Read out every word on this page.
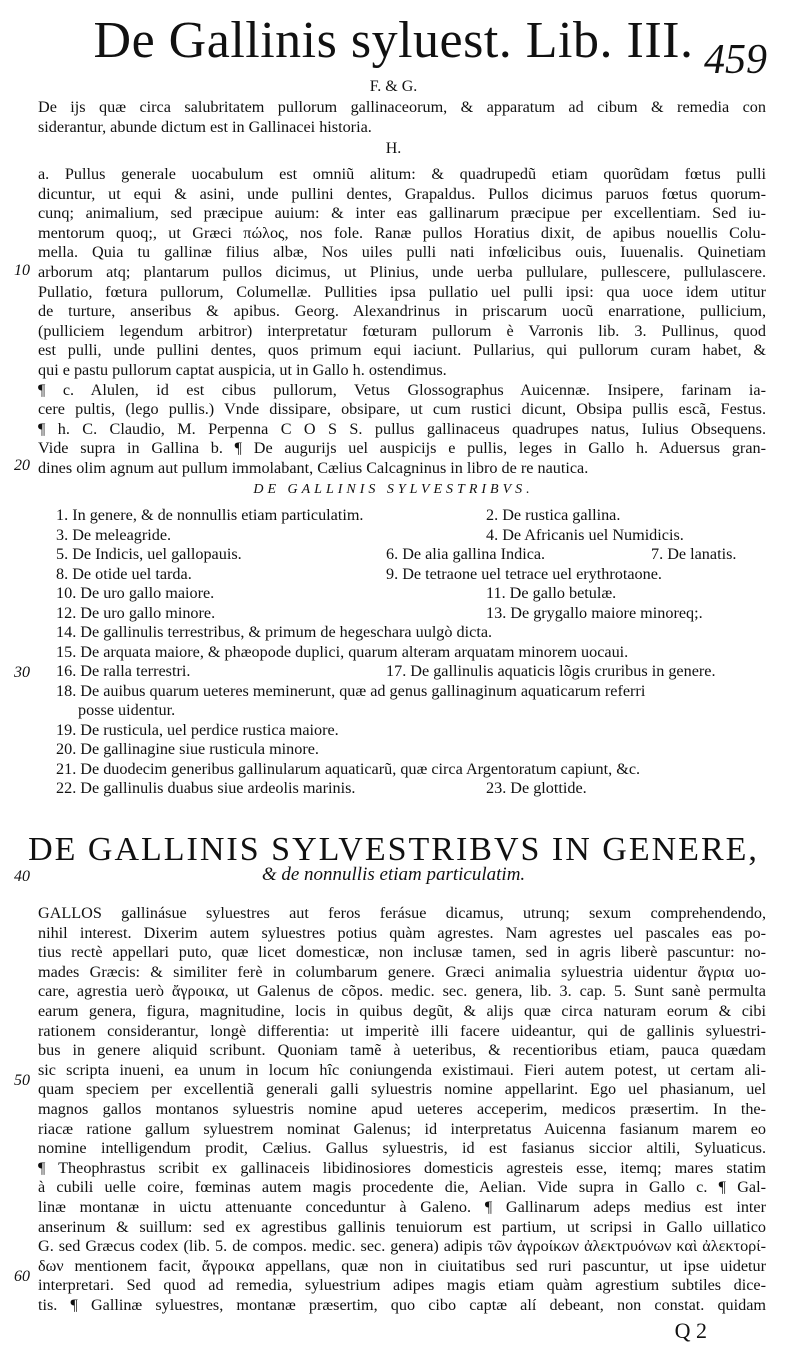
De Gallinis syluest. Lib. III. 459
F. & G.
De ijs quæ circa salubritatem pullorum gallinaceorum, & apparatum ad cibum & remedia con
siderantur, abunde dictum est in Gallinacei historia.
H.
a. Pullus generale uocabulum est omniũ alitum: & quadrupedũ etiam quorũdam fœtus pulli
dicuntur, ut equi & asini, unde pullini dentes, Grapaldus. Pullos dicimus paruos fœtus quorum-
cunq; animalium, sed præcipue auium: & inter eas gallinarum præcipue per excellentiam. Sed iu-
mentorum quoq;, ut Græci πώλος, nos fole. Ranæ pullos Horatius dixit, de apibus nouellis Colu-
mella. Quia tu gallinæ filius albæ, Nos uiles pulli nati infœlicibus ouis, Iuuenalis. Quinetiam
arborum atq; plantarum pullos dicimus, ut Plinius, unde uerba pullulare, pullescere, pullulascere.
Pullatio, fœtura pullorum, Columellæ. Pullities ipsa pullatio uel pulli ipsi: qua uoce idem utitur
de turture, anseribus & apibus. Georg. Alexandrinus in priscarum uocũ enarratione, pullicium,
(pulliciem legendum arbitror) interpretatur fœturam pullorum è Varronis lib. 3. Pullinus, quod
est pulli, unde pullini dentes, quos primum equi iaciunt. Pullarius, qui pullorum curam habet, &
qui e pastu pullorum captat auspicia, ut in Gallo h. ostendimus.
¶ c. Alulen, id est cibus pullorum, Vetus Glossographus Auicennæ. Insipere, farinam ia-
cere pultis, (lego pullis.) Vnde dissipare, obsipare, ut cum rustici dicunt, Obsipa pullis escã, Festus.
¶ h. C. Claudio, M. Perpenna C O S S. pullus gallinaceus quadrupes natus, Iulius Obsequens.
Vide supra in Gallina b. ¶ De augurijs uel auspicijs e pullis, leges in Gallo h. Aduersus gran-
dines olim agnum aut pullum immolabant, Cælius Calcagninus in libro de re nautica.
DE GALLINIS SYLVESTRIBVS.
1. In genere, & de nonnullis etiam particulatim.	2. De rustica gallina.
3. De meleagride.	4. De Africanis uel Numidicis.
5. De Indicis, uel gallopauis.	6. De alia gallina Indica.	7. De lanatis.
8. De otide uel tarda.	9. De tetraone uel tetrace uel erythrotaone.
10. De uro gallo maiore.	11. De gallo betulæ.
12. De uro gallo minore.	13. De grygallo maiore minoreq;.
14. De gallinulis terrestribus, & primum de hegeschara uulgò dicta.
15. De arquata maiore, & phæopode duplici, quarum alteram arquatam minorem uocaui.
16. De ralla terrestri.	17. De gallinulis aquaticis lõgis cruribus in genere.
18. De auibus quarum ueteres meminerunt, quæ ad genus gallinaginum aquaticarum referri
posse uidentur.
19. De rusticula, uel perdice rustica maiore.
20. De gallinagine siue rusticula minore.
21. De duodecim generibus gallinularum aquaticarũ, quæ circa Argentoratum capiunt, &c.
22. De gallinulis duabus siue ardeolis marinis.	23. De glottide.
DE GALLINIS SYLVESTRIBVS IN GENERE,
& de nonnullis etiam particulatim.
GALLOS gallinásue syluestres aut feros ferásue dicamus, utrunq; sexum comprehendendo,
nihil interest. Dixerim autem syluestres potius quàm agrestes. Nam agrestes uel pascales eas po-
tius rectè appellari puto, quæ licet domesticæ, non inclusæ tamen, sed in agris liberè pascuntur: no-
mades Græcis: & similiter ferè in columbarum genere. Græci animalia syluestria uidentur ἄγρια uo-
care, agrestia uerò ἄγροικα, ut Galenus de cõpos. medic. sec. genera, lib. 3. cap. 5. Sunt sanè permulta
earum genera, figura, magnitudine, locis in quibus degũt, & alijs quæ circa naturam eorum & cibi
rationem considerantur, longè differentia: ut imperitè illi facere uideantur, qui de gallinis syluestri-
bus in genere aliquid scribunt. Quoniam tamẽ à ueteribus, & recentioribus etiam, pauca quædam
sic scripta inueni, ea unum in locum hîc coniungenda existimaui. Fieri autem potest, ut certam ali-
quam speciem per excellentiã generali galli syluestris nomine appellarint. Ego uel phasianum, uel
magnos gallos montanos syluestris nomine apud ueteres acceperim, medicos præsertim. In the-
riacæ ratione gallum syluestrem nominat Galenus; id interpretatus Auicenna fasianum marem eo
nomine intelligendum prodit, Cælius. Gallus syluestris, id est fasianus siccior altili, Syluaticus.
¶ Theophrastus scribit ex gallinaceis libidinosiores domesticis agresteis esse, itemq; mares statim
à cubili uelle coire, fœminas autem magis procedente die, Aelian. Vide supra in Gallo c. ¶ Gal-
linæ montanæ in uictu attenuante conceduntur à Galeno. ¶ Gallinarum adeps medius est inter
anserinum & suillum: sed ex agrestibus gallinis tenuiorum est partium, ut scripsi in Gallo uillatico
G. sed Græcus codex (lib. 5. de compos. medic. sec. genera) adipis τῶν ἀγροίκων ἀλεκτρυόνων καὶ ἀλεκτορί-
δων mentionem facit, ἄγροικα appellans, quæ non in ciuitatibus sed ruri pascuntur, ut ipse uidetur
interpretari. Sed quod ad remedia, syluestrium adipes magis etiam quàm agrestium subtiles dice-
tis. ¶ Gallinæ syluestres, montanæ præsertim, quo cibo captæ alí debeant, non constat. quidam
10
20
30
40
50
60
Q 2
